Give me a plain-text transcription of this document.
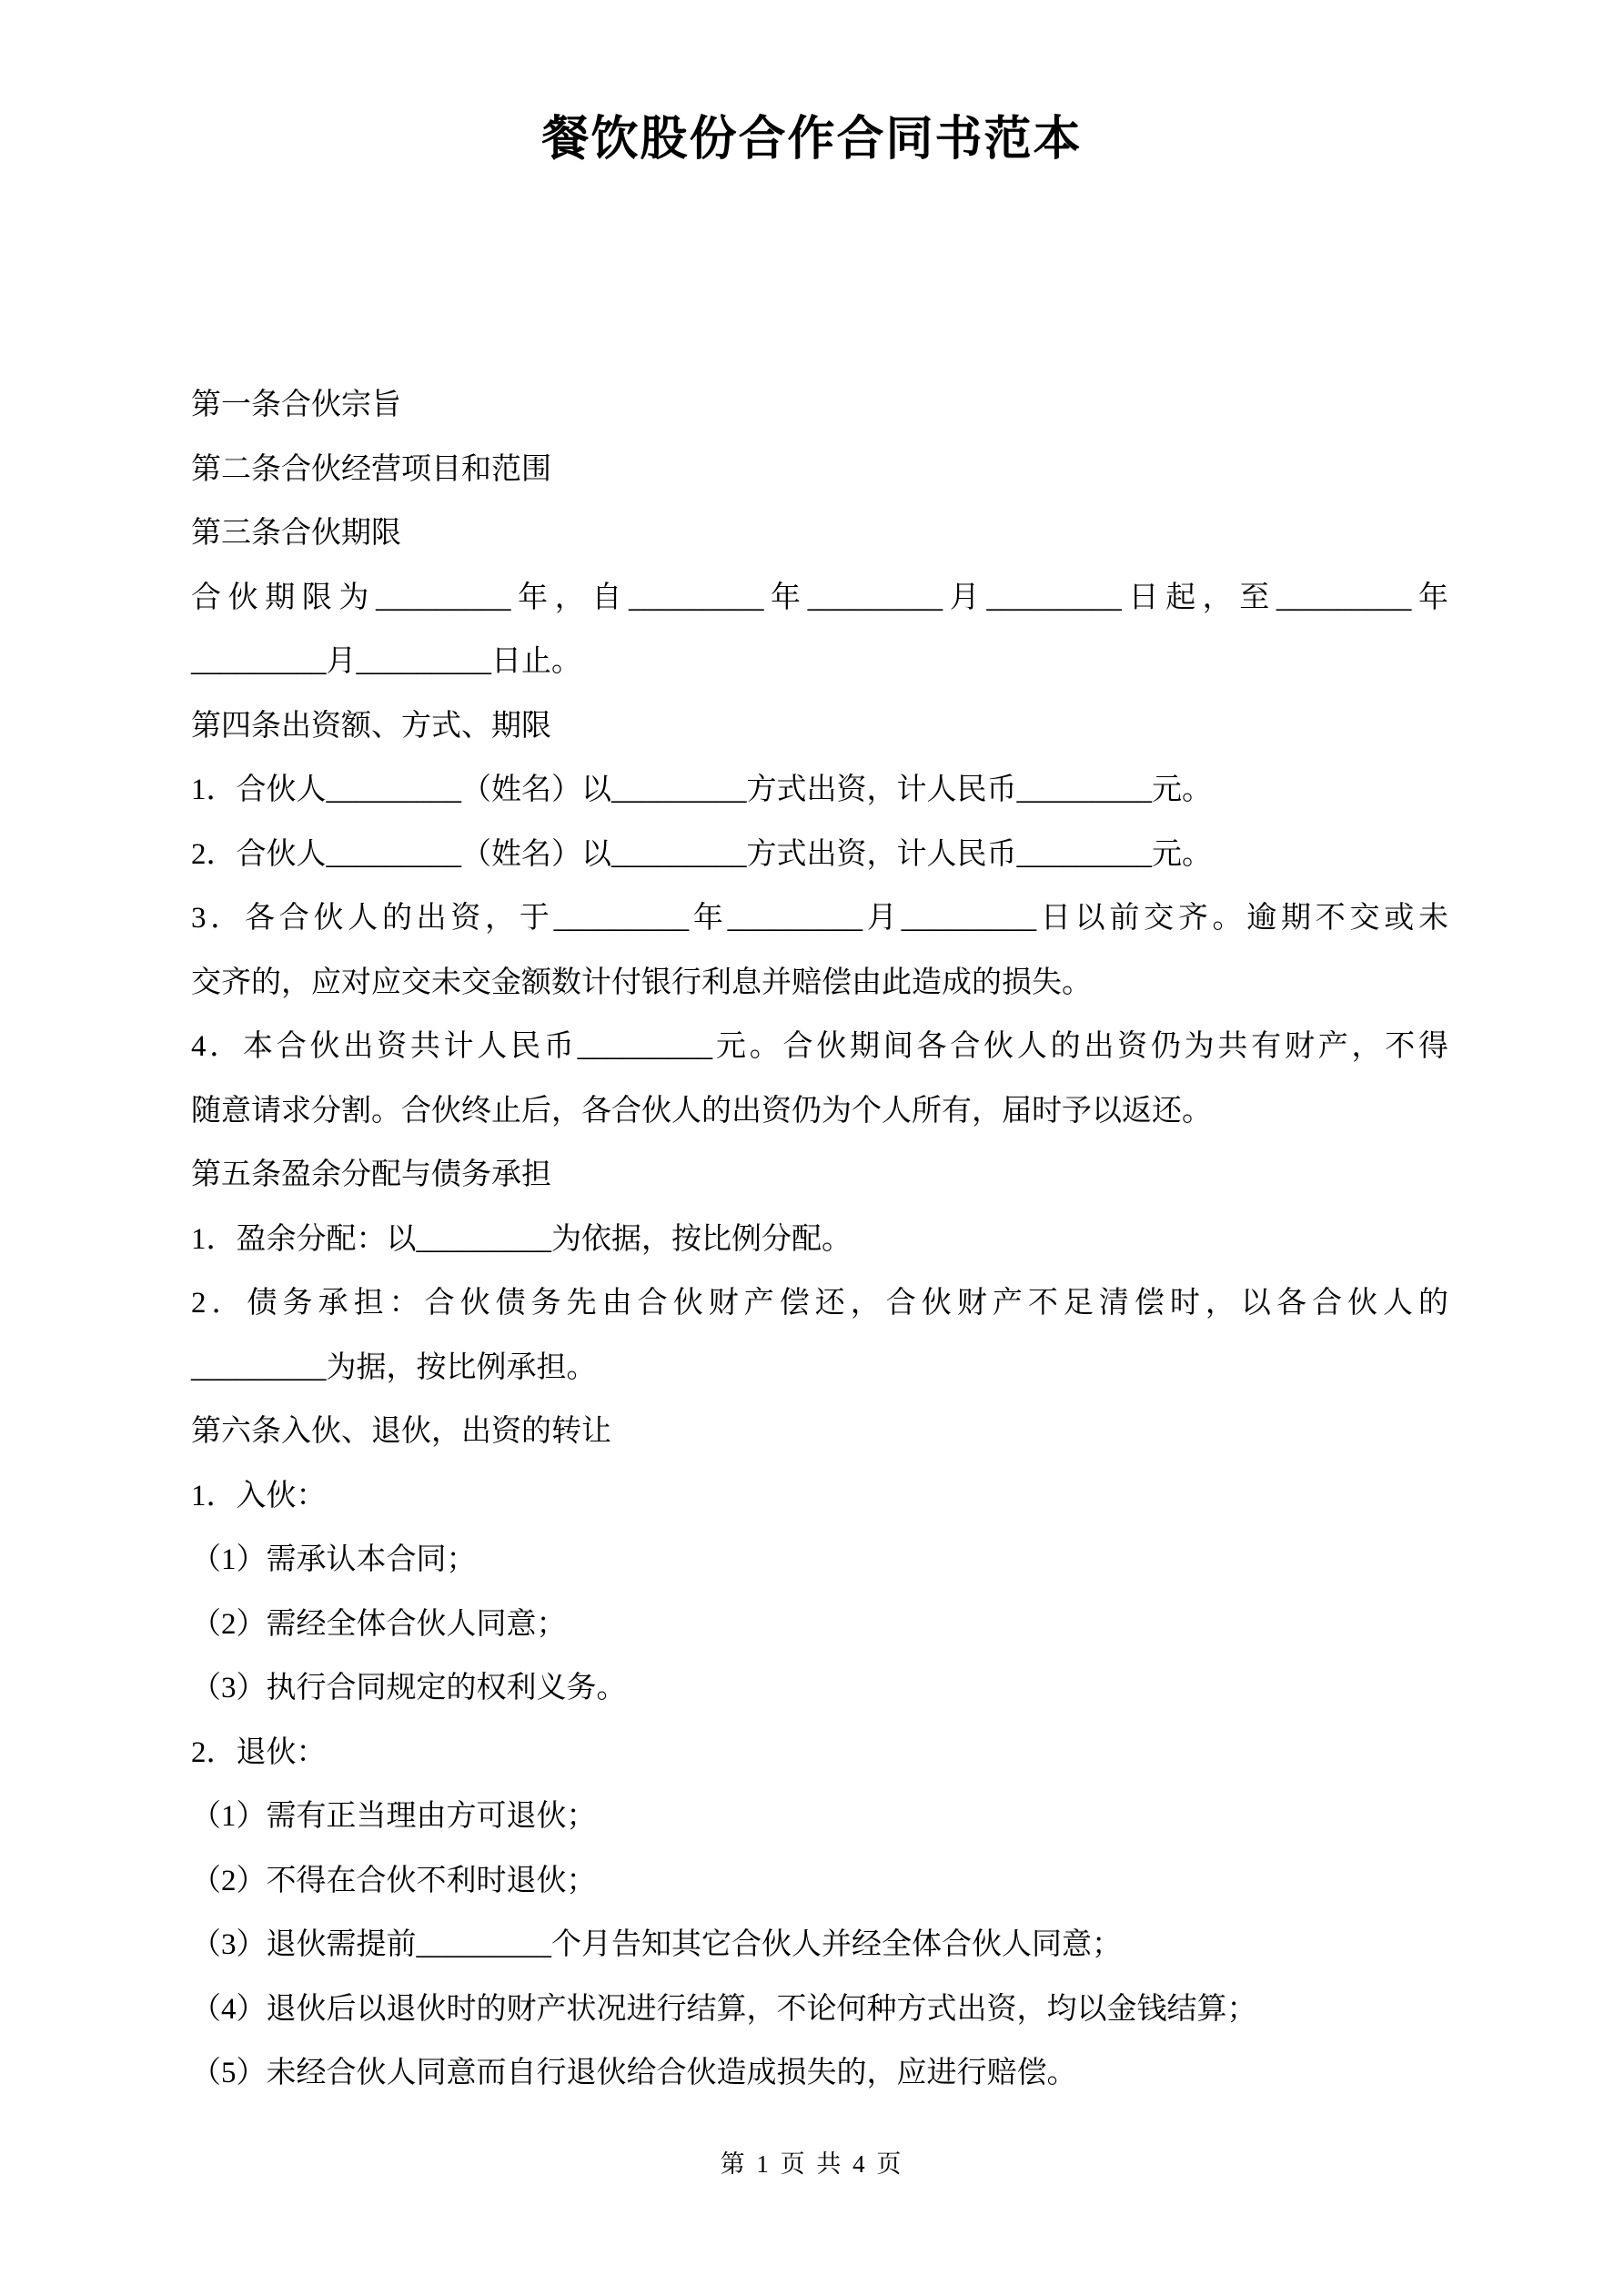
餐饮股份合作合同书范本
第一条合伙宗旨
第二条合伙经营项目和范围
第三条合伙期限
合伙期限为_________年，自_________年_________月_________日起，至_________年
_________月_________日止。
第四条出资额、方式、期限
1．合伙人_________（姓名）以_________方式出资，计人民币_________元。
2．合伙人_________（姓名）以_________方式出资，计人民币_________元。
3．各合伙人的出资，于_________年_________月_________日以前交齐。逾期不交或未
交齐的，应对应交未交金额数计付银行利息并赔偿由此造成的损失。
4．本合伙出资共计人民币_________元。合伙期间各合伙人的出资仍为共有财产，不得
随意请求分割。合伙终止后，各合伙人的出资仍为个人所有，届时予以返还。
第五条盈余分配与债务承担
1．盈余分配：以_________为依据，按比例分配。
2．债务承担：合伙债务先由合伙财产偿还，合伙财产不足清偿时，以各合伙人的
_________为据，按比例承担。
第六条入伙、退伙，出资的转让
1．入伙：
（1）需承认本合同；
（2）需经全体合伙人同意；
（3）执行合同规定的权利义务。
2．退伙：
（1）需有正当理由方可退伙；
（2）不得在合伙不利时退伙；
（3）退伙需提前_________个月告知其它合伙人并经全体合伙人同意；
（4）退伙后以退伙时的财产状况进行结算，不论何种方式出资，均以金钱结算；
（5）未经合伙人同意而自行退伙给合伙造成损失的，应进行赔偿。
第 1 页 共 4 页
